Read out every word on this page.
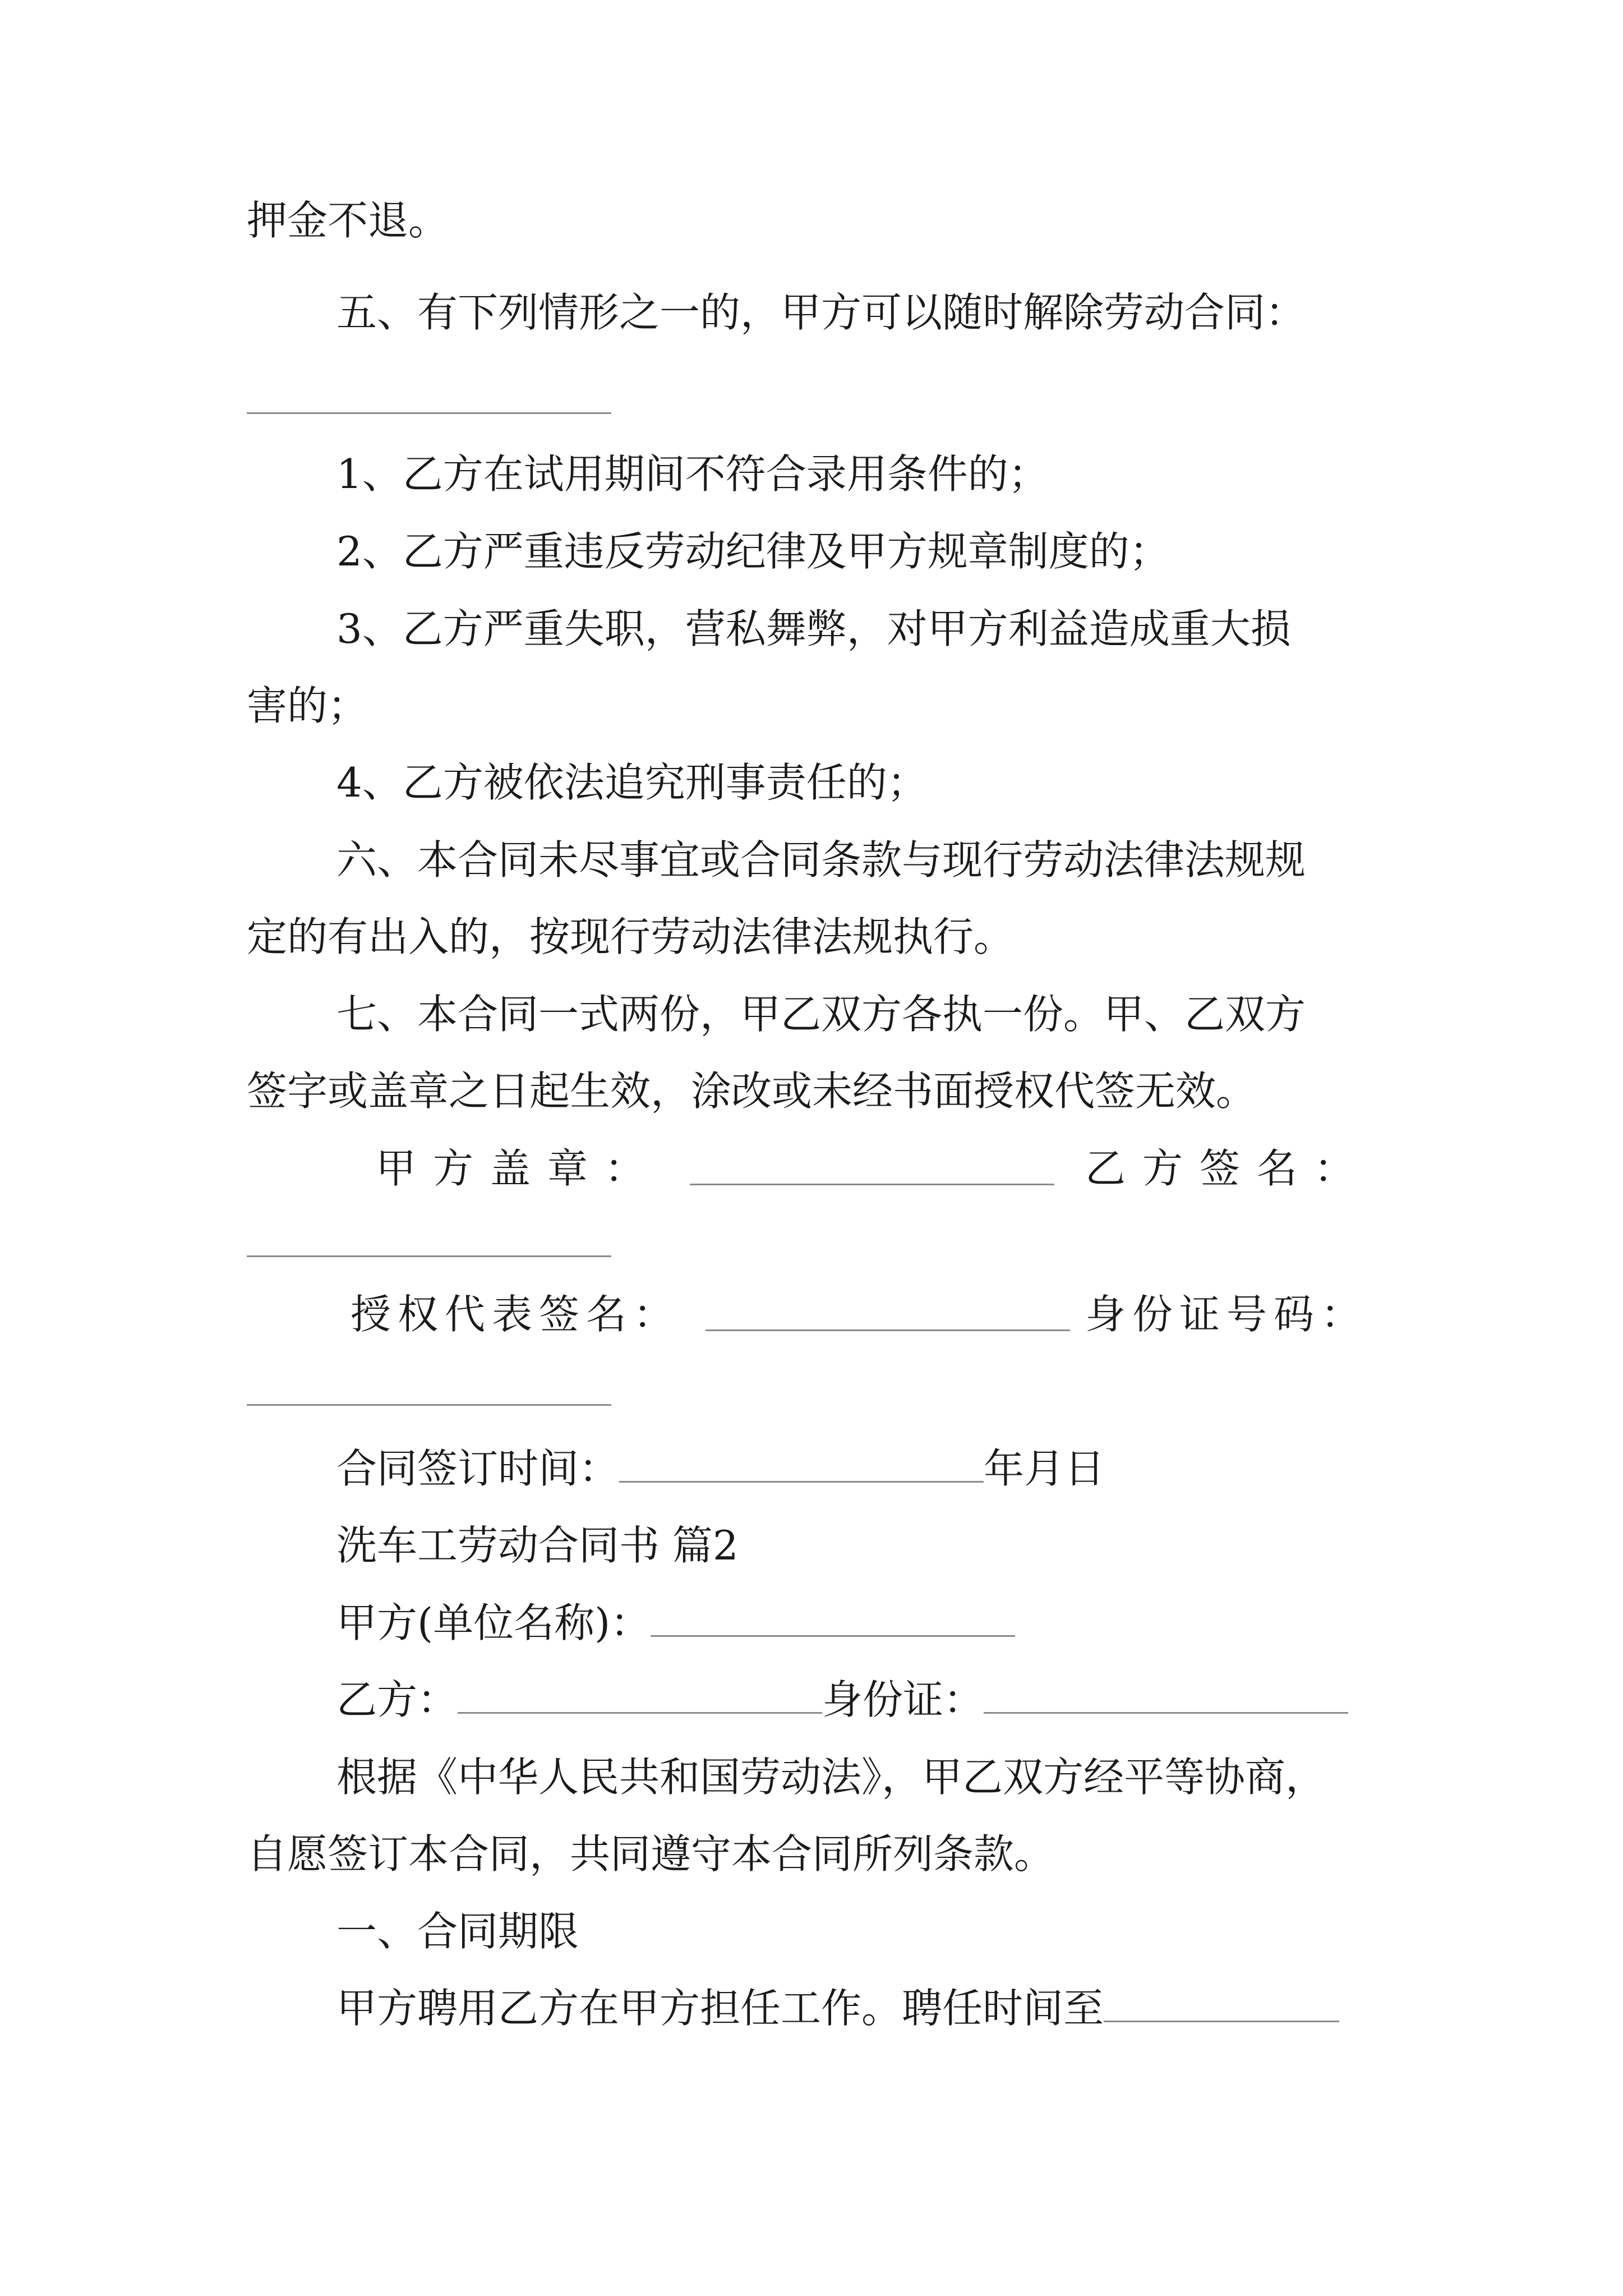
押金不退。
五、有下列情形之一的，甲方可以随时解除劳动合同：
1、乙方在试用期间不符合录用条件的；
2、乙方严重违反劳动纪律及甲方规章制度的；
3、乙方严重失职，营私舞弊，对甲方利益造成重大损
害的；
4、乙方被依法追究刑事责任的；
六、本合同未尽事宜或合同条款与现行劳动法律法规规
定的有出入的，按现行劳动法律法规执行。
七、本合同一式两份，甲乙双方各执一份。甲、乙双方
签字或盖章之日起生效，涂改或未经书面授权代签无效。
甲方盖章：	乙方签名：
授权代表签名：	身份证号码：
合同签订时间：	年月日
洗车工劳动合同书 篇2
甲方(单位名称)：
乙方：	身份证：
根据《中华人民共和国劳动法》，甲乙双方经平等协商，
自愿签订本合同，共同遵守本合同所列条款。
一、合同期限
甲方聘用乙方在甲方担任工作。聘任时间至
